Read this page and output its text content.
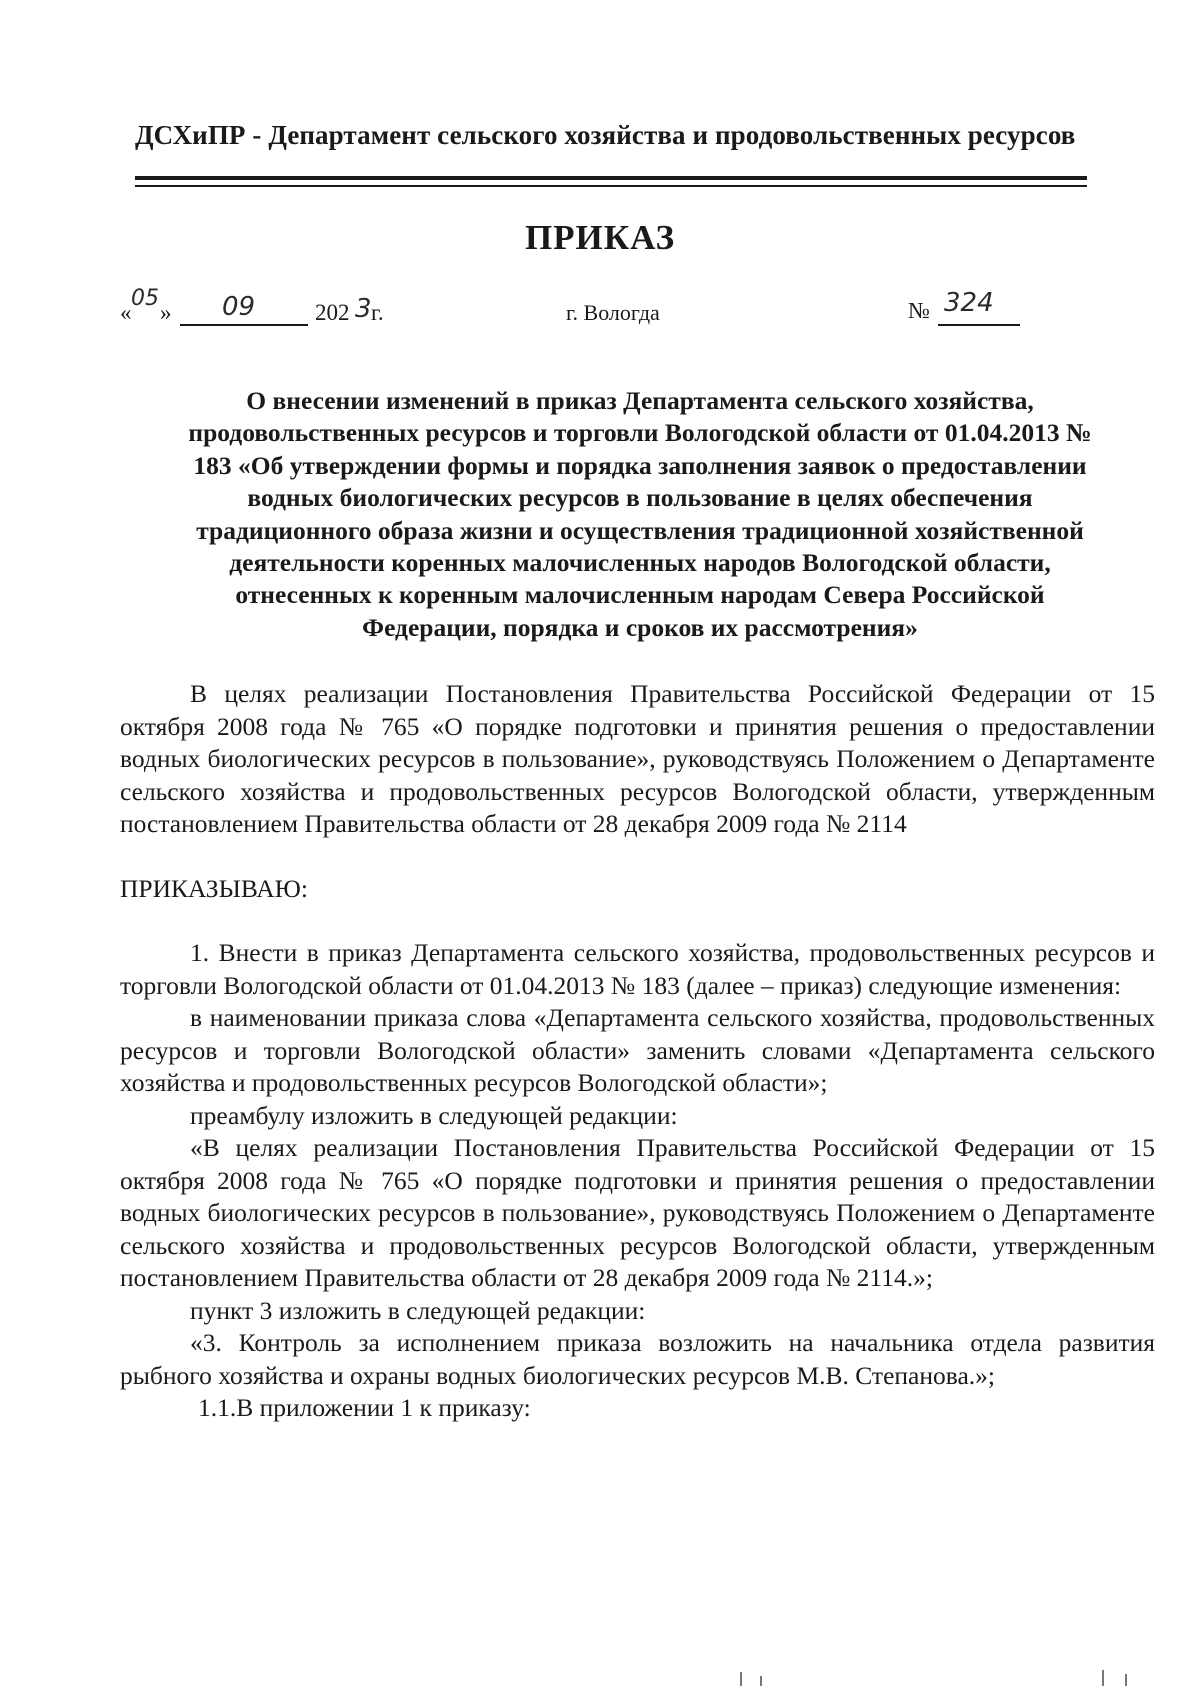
ДСХиПР - Департамент сельского хозяйства и продовольственных ресурсов
ПРИКАЗ
«
05
» 09	202 3 г.	г. Вологда	№ 324
О внесении изменений в приказ Департамента сельского хозяйства,
продовольственных ресурсов и торговли Вологодской области от 01.04.2013 №
183 «Об утверждении формы и порядка заполнения заявок о предоставлении
водных биологических ресурсов в пользование в целях обеспечения
традиционного образа жизни и осуществления традиционной хозяйственной
деятельности коренных малочисленных народов Вологодской области,
отнесенных к коренным малочисленным народам Севера Российской
Федерации, порядка и сроков их рассмотрения»

В целях реализации Постановления Правительства Российской Федерации от 15 октября 2008 года № 765 «О порядке подготовки и принятия решения о предоставлении водных биологических ресурсов в пользование», руководствуясь Положением о Департаменте сельского хозяйства и продовольственных ресурсов Вологодской области, утвержденным постановлением Правительства области от 28 декабря 2009 года № 2114

ПРИКАЗЫВАЮ:

1. Внести в приказ Департамента сельского хозяйства, продовольственных ресурсов и торговли Вологодской области от 01.04.2013 № 183 (далее – приказ) следующие изменения:

в наименовании приказа слова «Департамента сельского хозяйства, продовольственных ресурсов и торговли Вологодской области» заменить словами «Департамента сельского хозяйства и продовольственных ресурсов Вологодской области»;

преамбулу изложить в следующей редакции:

«В целях реализации Постановления Правительства Российской Федерации от 15 октября 2008 года № 765 «О порядке подготовки и принятия решения о предоставлении водных биологических ресурсов в пользование», руководствуясь Положением о Департаменте сельского хозяйства и продовольственных ресурсов Вологодской области, утвержденным постановлением Правительства области от 28 декабря 2009 года № 2114.»;

пункт 3 изложить в следующей редакции:

«3. Контроль за исполнением приказа возложить на начальника отдела развития рыбного хозяйства и охраны водных биологических ресурсов М.В. Степанова.»;

1.1.В приложении 1 к приказу:
